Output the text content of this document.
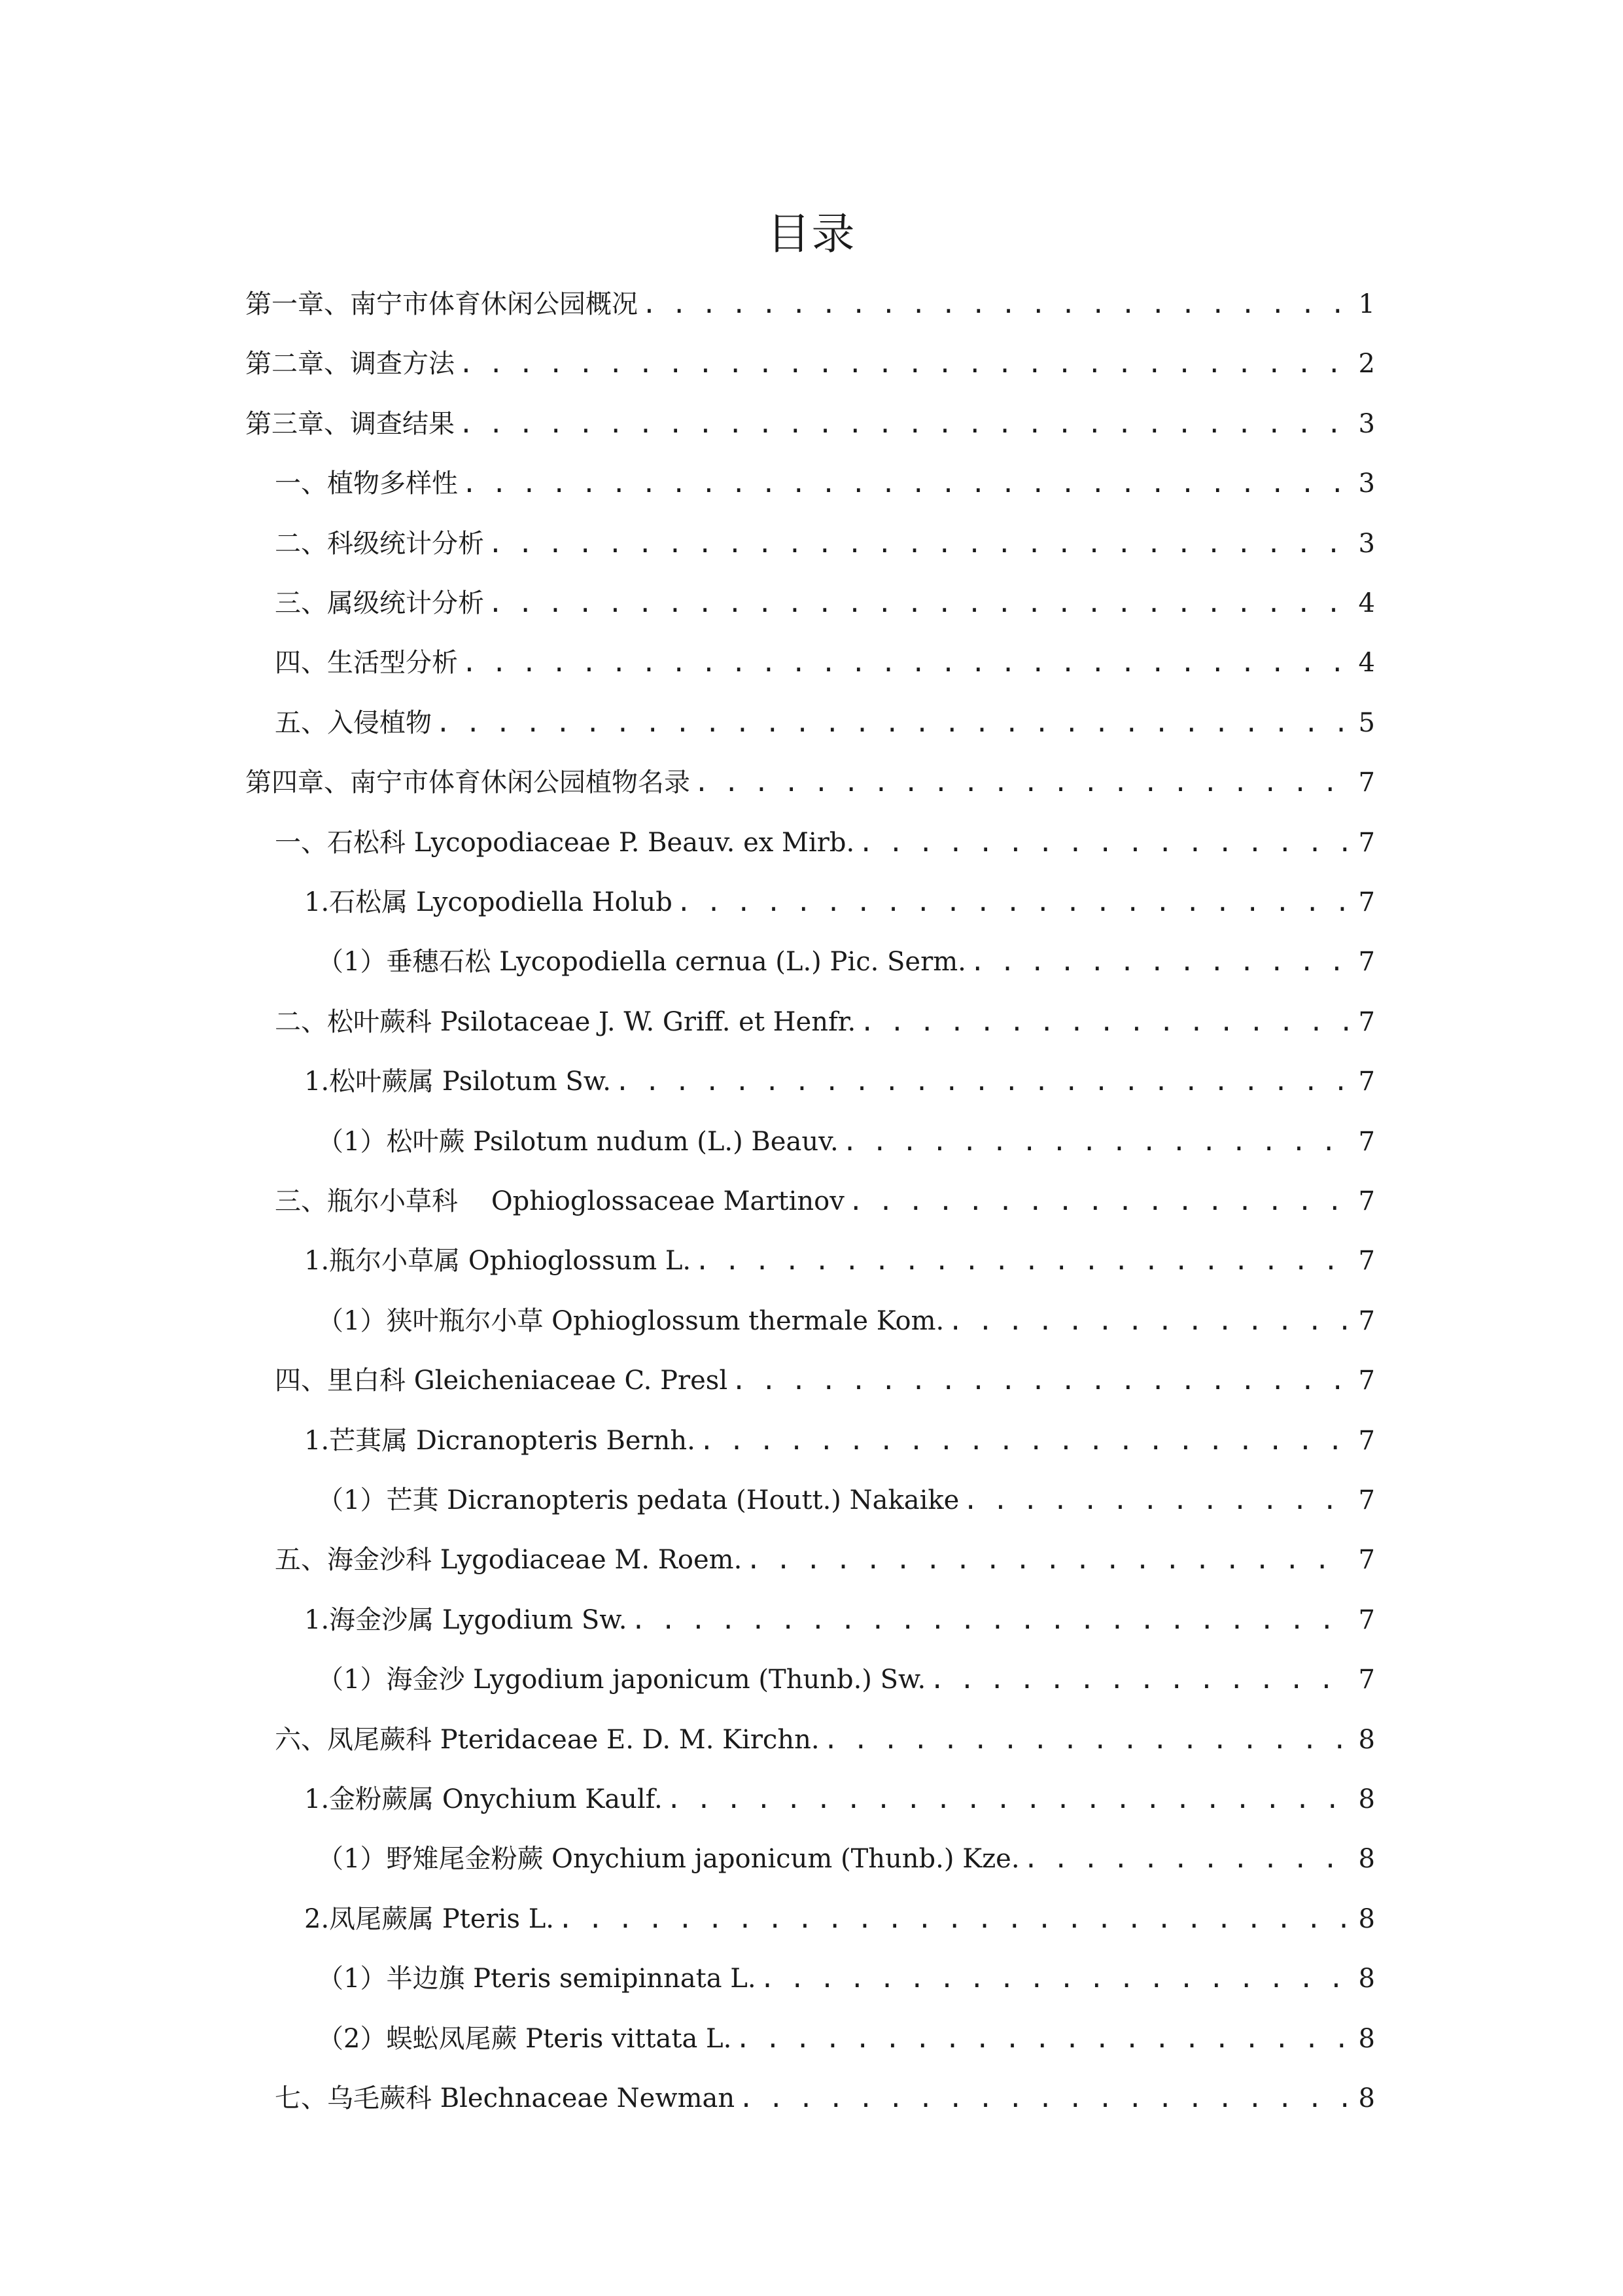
目录
第一章、南宁市体育休闲公园概况 . . .	1
第二章、调查方法 . . .	2
第三章、调查结果 . . .	3
一、植物多样性 . . .	3
二、科级统计分析 . . .	3
三、属级统计分析 . . .	4
四、生活型分析 . . .	4
五、入侵植物 . . .	5
第四章、南宁市体育休闲公园植物名录 . . .	7
一、石松科 Lycopodiaceae P. Beauv. ex Mirb. . . .	7
1.石松属 Lycopodiella Holub . . .	7
（1）垂穗石松 Lycopodiella cernua (L.) Pic. Serm. . . .	7
二、松叶蕨科 Psilotaceae J. W. Griff. et Henfr. . . .	7
1.松叶蕨属 Psilotum Sw. . . .	7
（1）松叶蕨 Psilotum nudum (L.) Beauv. . . .	7
三、瓶尔小草科    Ophioglossaceae Martinov . . .	7
1.瓶尔小草属 Ophioglossum L. . . .	7
（1）狭叶瓶尔小草 Ophioglossum thermale Kom. . . .	7
四、里白科 Gleicheniaceae C. Presl . . .	7
1.芒萁属 Dicranopteris Bernh. . . .	7
（1）芒萁 Dicranopteris pedata (Houtt.) Nakaike . . .	7
五、海金沙科 Lygodiaceae M. Roem. . . .	7
1.海金沙属 Lygodium Sw. . . .	7
（1）海金沙 Lygodium japonicum (Thunb.) Sw. . . .	7
六、凤尾蕨科 Pteridaceae E. D. M. Kirchn. . . .	8
1.金粉蕨属 Onychium Kaulf. . . .	8
（1）野雉尾金粉蕨 Onychium japonicum (Thunb.) Kze. . . .	8
2.凤尾蕨属 Pteris L. . . .	8
（1）半边旗 Pteris semipinnata L. . . .	8
（2）蜈蚣凤尾蕨 Pteris vittata L. . . .	8
七、乌毛蕨科 Blechnaceae Newman . . .	8
